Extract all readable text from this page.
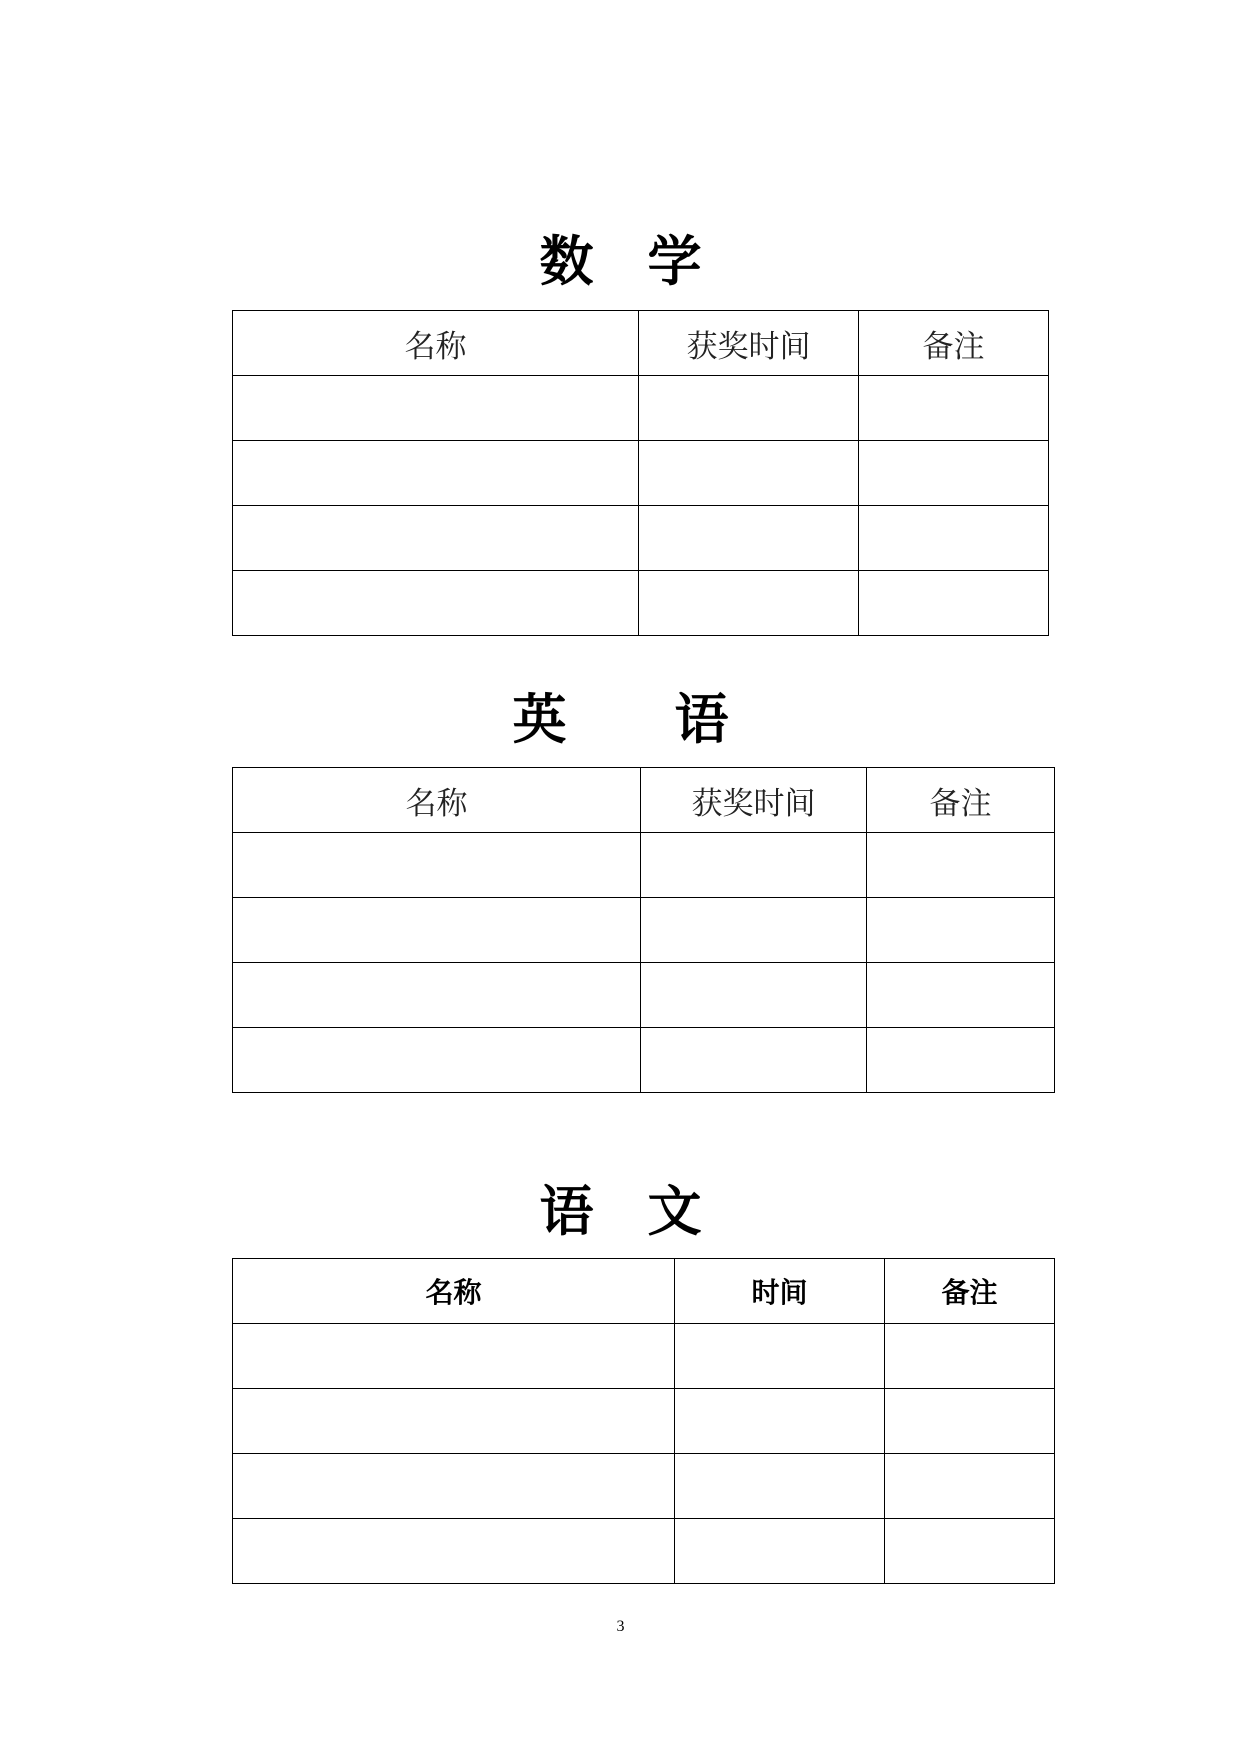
数　学
名称	获奖时间	备注

英　　语
名称	获奖时间	备注

语　文
名称	时间	备注

3
